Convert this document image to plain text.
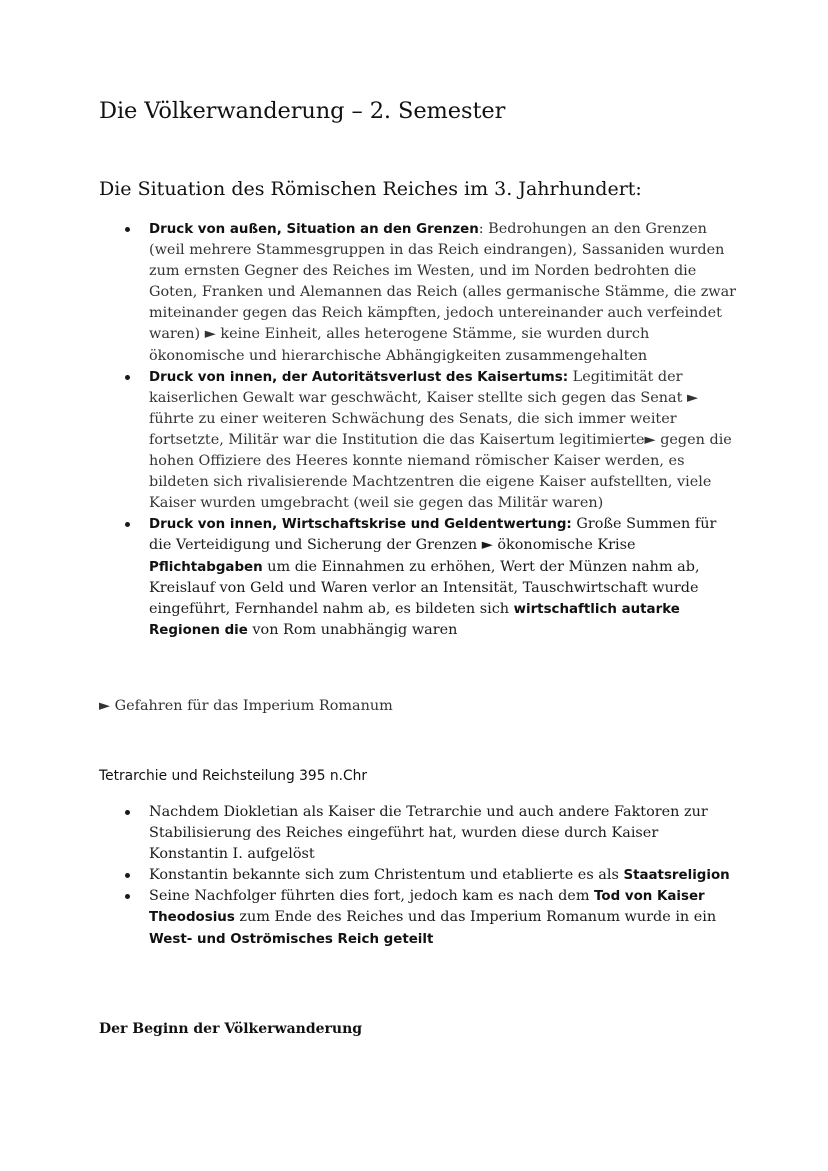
Die Völkerwanderung – 2. Semester
Die Situation des Römischen Reiches im 3. Jahrhundert:
Druck von außen, Situation an den Grenzen: Bedrohungen an den Grenzen (weil mehrere Stammesgruppen in das Reich eindrangen), Sassaniden wurden zum ernsten Gegner des Reiches im Westen, und im Norden bedrohten die Goten, Franken und Alemannen das Reich (alles germanische Stämme, die zwar miteinander gegen das Reich kämpften, jedoch untereinander auch verfeindet waren) ► keine Einheit, alles heterogene Stämme, sie wurden durch ökonomische und hierarchische Abhängigkeiten zusammengehalten
Druck von innen, der Autoritätsverlust des Kaisertums: Legitimität der kaiserlichen Gewalt war geschwächt, Kaiser stellte sich gegen das Senat ► führte zu einer weiteren Schwächung des Senats, die sich immer weiter fortsetzte, Militär war die Institution die das Kaisertum legitimierte► gegen die hohen Offiziere des Heeres konnte niemand römischer Kaiser werden, es bildeten sich rivalisierende Machtzentren die eigene Kaiser aufstellten, viele Kaiser wurden umgebracht (weil sie gegen das Militär waren)
Druck von innen, Wirtschaftskrise und Geldentwertung: Große Summen für die Verteidigung und Sicherung der Grenzen ► ökonomische Krise Pflichtabgaben um die Einnahmen zu erhöhen, Wert der Münzen nahm ab, Kreislauf von Geld und Waren verlor an Intensität, Tauschwirtschaft wurde eingeführt, Fernhandel nahm ab, es bildeten sich wirtschaftlich autarke Regionen die von Rom unabhängig waren
► Gefahren für das Imperium Romanum
Tetrarchie und Reichsteilung 395 n.Chr
Nachdem Diokletian als Kaiser die Tetrarchie und auch andere Faktoren zur Stabilisierung des Reiches eingeführt hat, wurden diese durch Kaiser Konstantin I. aufgelöst
Konstantin bekannte sich zum Christentum und etablierte es als Staatsreligion
Seine Nachfolger führten dies fort, jedoch kam es nach dem Tod von Kaiser Theodosius zum Ende des Reiches und das Imperium Romanum wurde in ein West- und Oströmisches Reich geteilt
Der Beginn der Völkerwanderung
